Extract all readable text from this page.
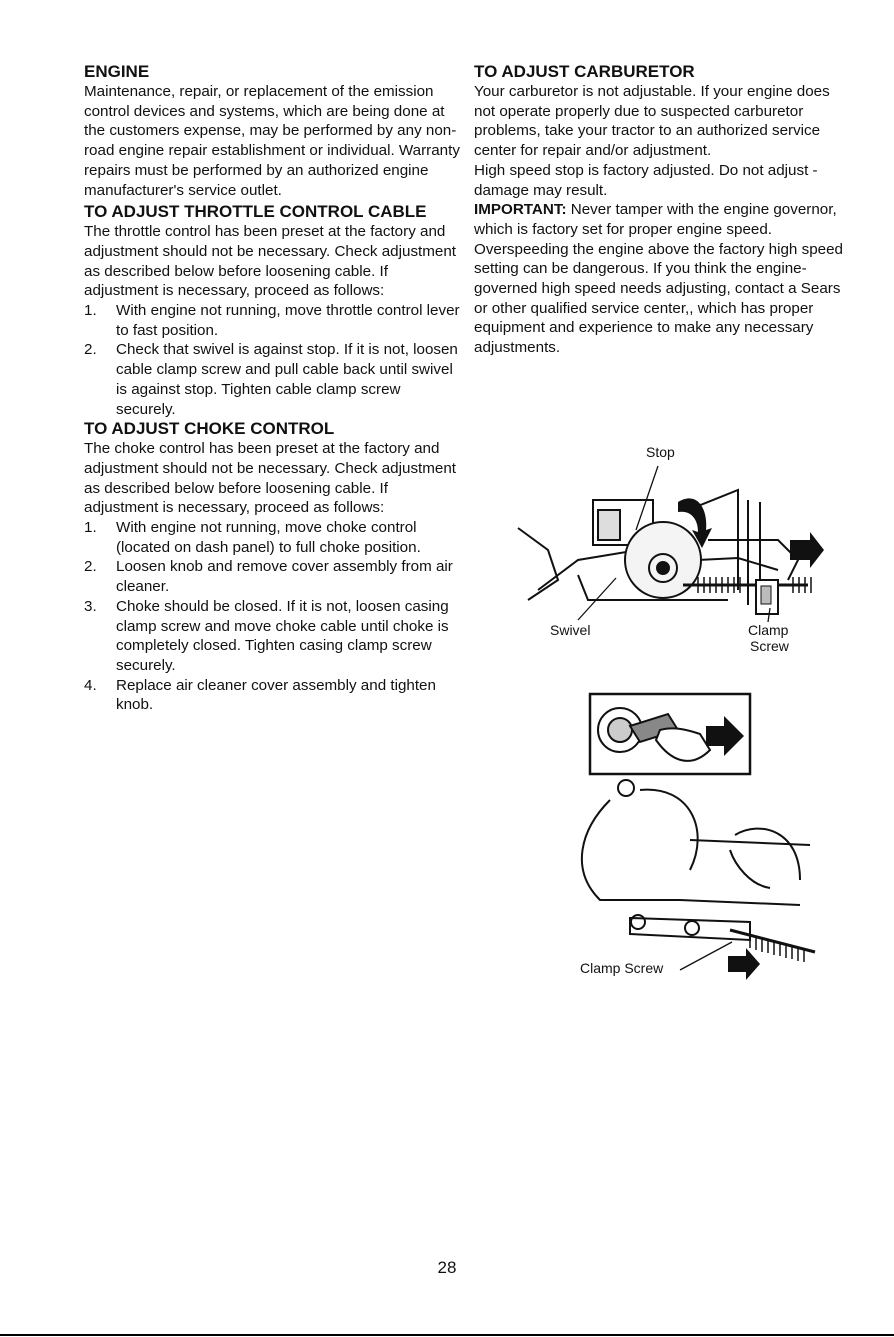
ENGINE

Maintenance, repair, or replacement of the emission control devices and systems, which are being done at the customers expense, may be performed by any non-road engine repair establishment or individual. Warranty repairs must be performed by an authorized engine manufacturer's service outlet.

TO ADJUST THROTTLE CONTROL CABLE

The throttle control has been preset at the factory and adjustment should not be necessary. Check adjustment as described below before loosening cable. If adjustment is necessary, proceed as follows:

1. With engine not running, move throttle control lever to fast position.
2. Check that swivel is against stop. If it is not, loosen cable clamp screw and pull cable back until swivel is against stop. Tighten cable clamp screw securely.

TO ADJUST CHOKE CONTROL

The choke control has been preset at the factory and adjustment should not be necessary. Check adjustment as described below before loosening cable. If adjustment is necessary, proceed as follows:

1. With engine not running, move choke control (located on dash panel) to full choke position.
2. Loosen knob and remove cover assembly from air cleaner.
3. Choke should be closed. If it is not, loosen casing clamp screw and move choke cable until choke is completely closed. Tighten casing clamp screw securely.
4. Replace air cleaner cover assembly and tighten knob.

TO ADJUST CARBURETOR

Your carburetor is not adjustable. If your engine does not operate properly due to suspected carburetor problems, take your tractor to an authorized service center for repair and/or adjustment.

High speed stop is factory adjusted. Do not adjust - damage may result.

IMPORTANT: Never tamper with the engine governor, which is factory set for proper engine speed. Overspeeding the engine above the factory high speed setting can be dangerous. If you think the engine-governed high speed needs adjusting, contact a Sears or other qualified service center,, which has proper equipment and experience to make any necessary adjustments.

Stop
Swivel	Clamp
Screw
Clamp Screw
28
